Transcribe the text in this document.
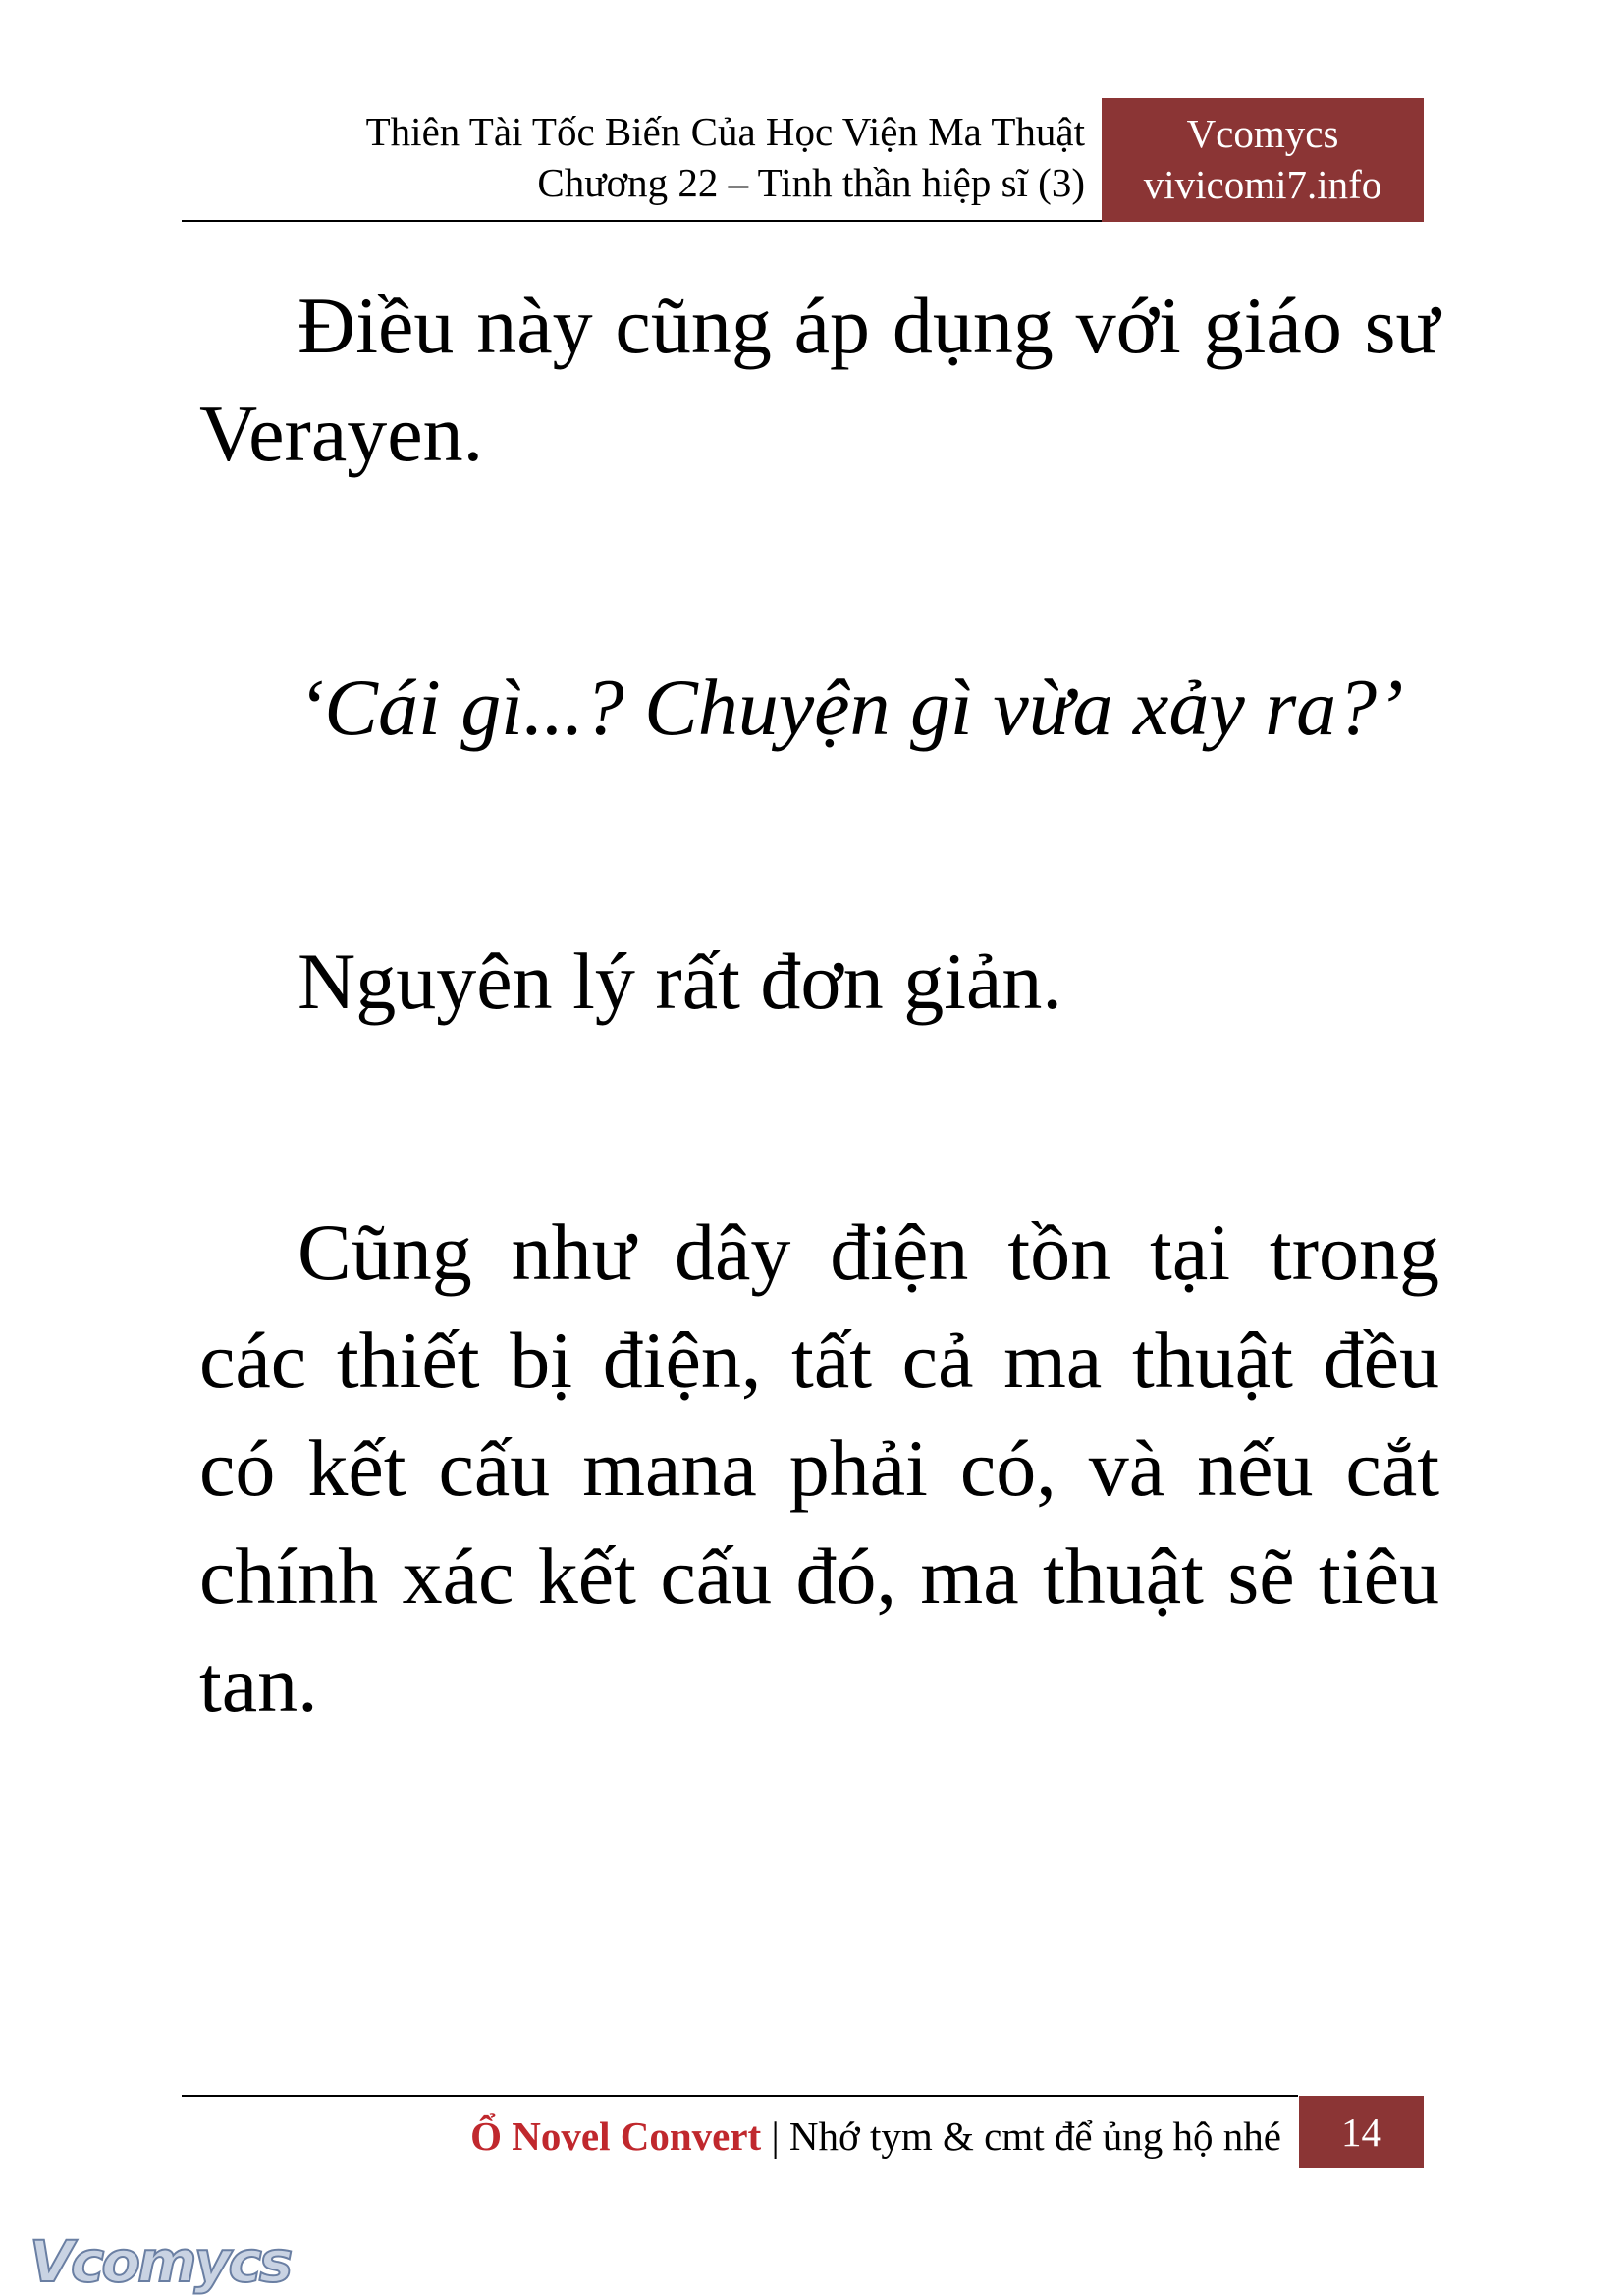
Thiên Tài Tốc Biến Của Học Viện Ma Thuật
Chương 22 – Tinh thần hiệp sĩ (3)
Vcomycs
vivicomi7.info

Điều này cũng áp dụng với giáo sư Verayen.

‘Cái gì...? Chuyện gì vừa xảy ra?’

Nguyên lý rất đơn giản.

Cũng như dây điện tồn tại trong các thiết bị điện, tất cả ma thuật đều có kết cấu mana phải có, và nếu cắt chính xác kết cấu đó, ma thuật sẽ tiêu tan.

Ổ Novel Convert | Nhớ tym & cmt để ủng hộ nhé	14
Vcomycs
